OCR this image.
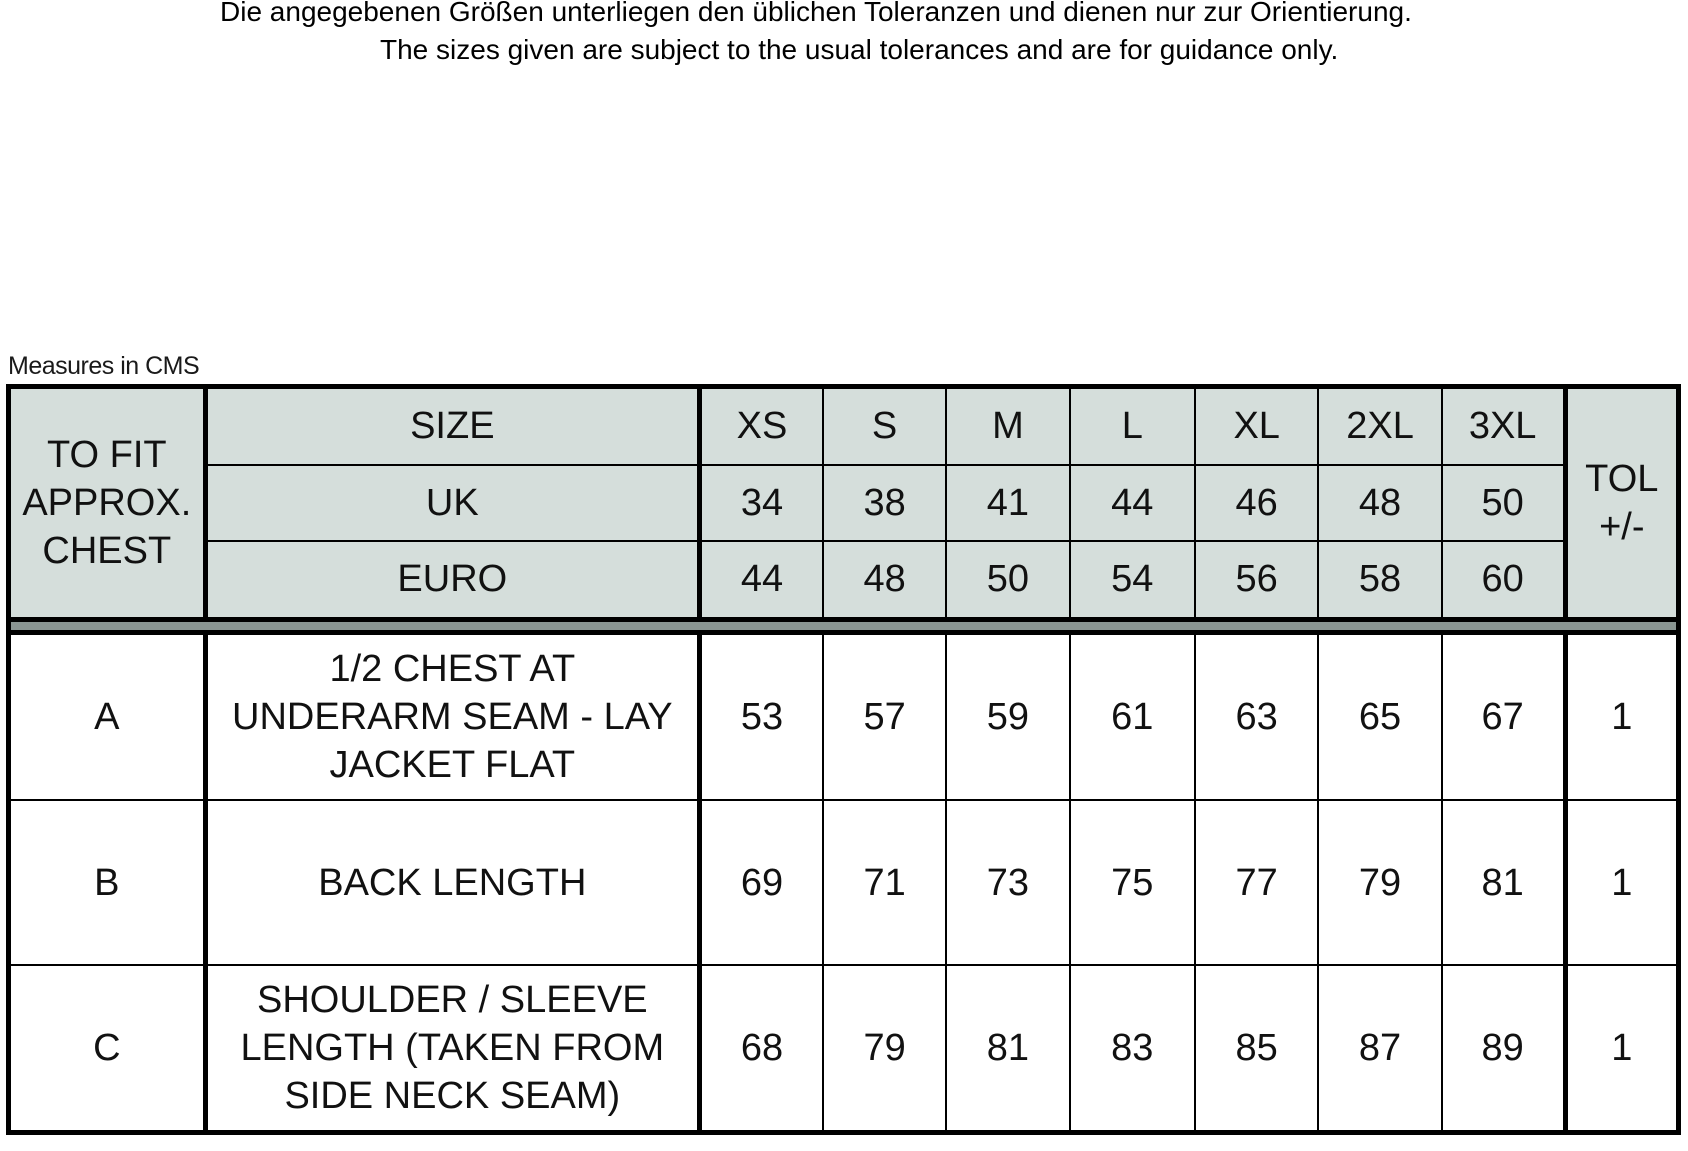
Die angegebenen Größen unterliegen den üblichen Toleranzen und dienen nur zur Orientierung.
The sizes given are subject to the usual tolerances and are for guidance only.
Measures in CMS
TO FIT
APPROX.
CHEST	SIZE	XS	S	M	L	XL	2XL	3XL	TOL
+/-

	UK	34	38	41	44	46	48	50	
	EURO	44	48	50	54	56	58	60	

A	1/2 CHEST AT
UNDERARM SEAM - LAY
JACKET FLAT	53	57	59	61	63	65	67	1
B	BACK LENGTH	69	71	73	75	77	79	81	1
C	SHOULDER / SLEEVE
LENGTH (TAKEN FROM
SIDE NECK SEAM)	68	79	81	83	85	87	89	1
